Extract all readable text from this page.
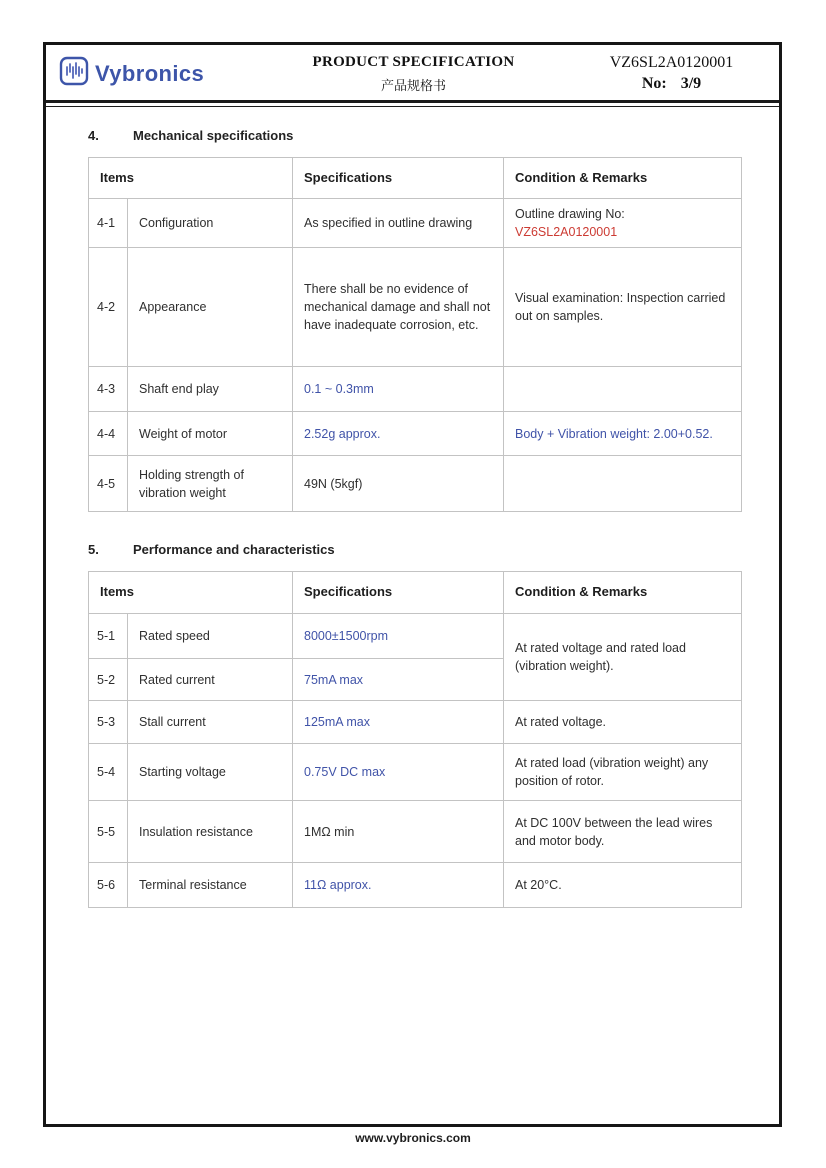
Vybronics	PRODUCT SPECIFICATION
产品规格书
VZ6SL2A0120001
No: 3/9
4.	Mechanical specifications
Items		Specifications	Condition & Remarks
4-1	Configuration	As specified in outline drawing	Outline drawing No: VZ6SL2A0120001
4-2	Appearance	There shall be no evidence of mechanical damage and shall not have inadequate corrosion, etc.	Visual examination: Inspection carried out on samples.
4-3	Shaft end play	0.1 ~ 0.3mm	
4-4	Weight of motor	2.52g approx.	Body + Vibration weight: 2.00+0.52.
4-5	Holding strength of vibration weight	49N (5kgf)	
5.	Performance and characteristics
Items		Specifications	Condition & Remarks
5-1	Rated speed	8000±1500rpm	At rated voltage and rated load (vibration weight).
5-2	Rated current	75mA max	
5-3	Stall current	125mA max	At rated voltage.
5-4	Starting voltage	0.75V DC max	At rated load (vibration weight) any position of rotor.
5-5	Insulation resistance	1MΩ min	At DC 100V between the lead wires and motor body.
5-6	Terminal resistance	11Ω approx.	At 20°C.
www.vybronics.com
